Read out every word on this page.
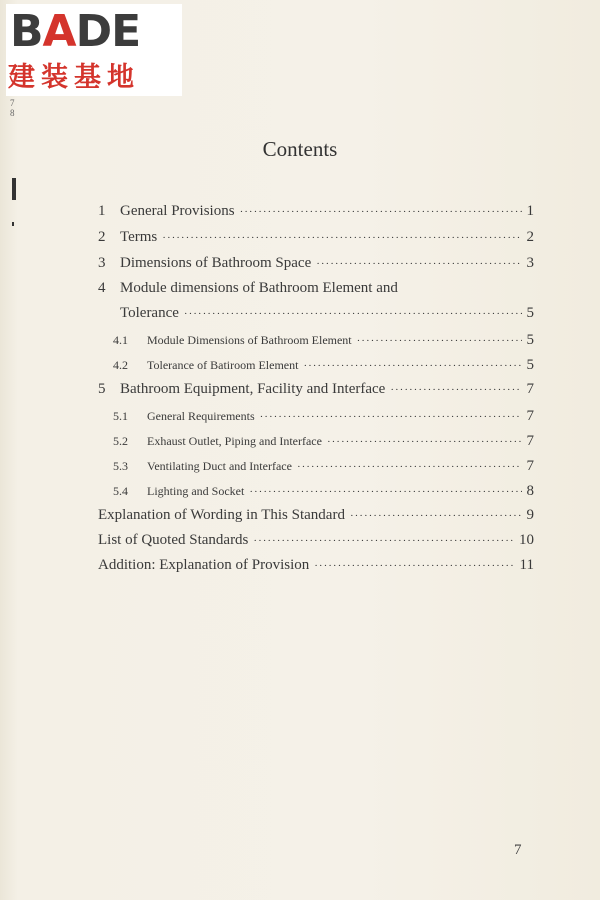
BADE
建装基地
7
8
Contents
1 General Provisions ·····	1
2 Terms ·····	2
3 Dimensions of Bathroom Space ·····	3
4 Module dimensions of Bathroom Element and
Tolerance ·····	5
4.1	Module Dimensions of Bathroom Element ·····	5
4.2	Tolerance of Batiroom Element ·····	5
5 Bathroom Equipment, Facility and Interface ·····	7
5.1	General Requirements ·····	7
5.2	Exhaust Outlet, Piping and Interface ·····	7
5.3	Ventilating Duct and Interface ·····	7
5.4	Lighting and Socket ·····	8
Explanation of Wording in This Standard ·····	9
List of Quoted Standards ·····	10
Addition: Explanation of Provision ·····	11
7
